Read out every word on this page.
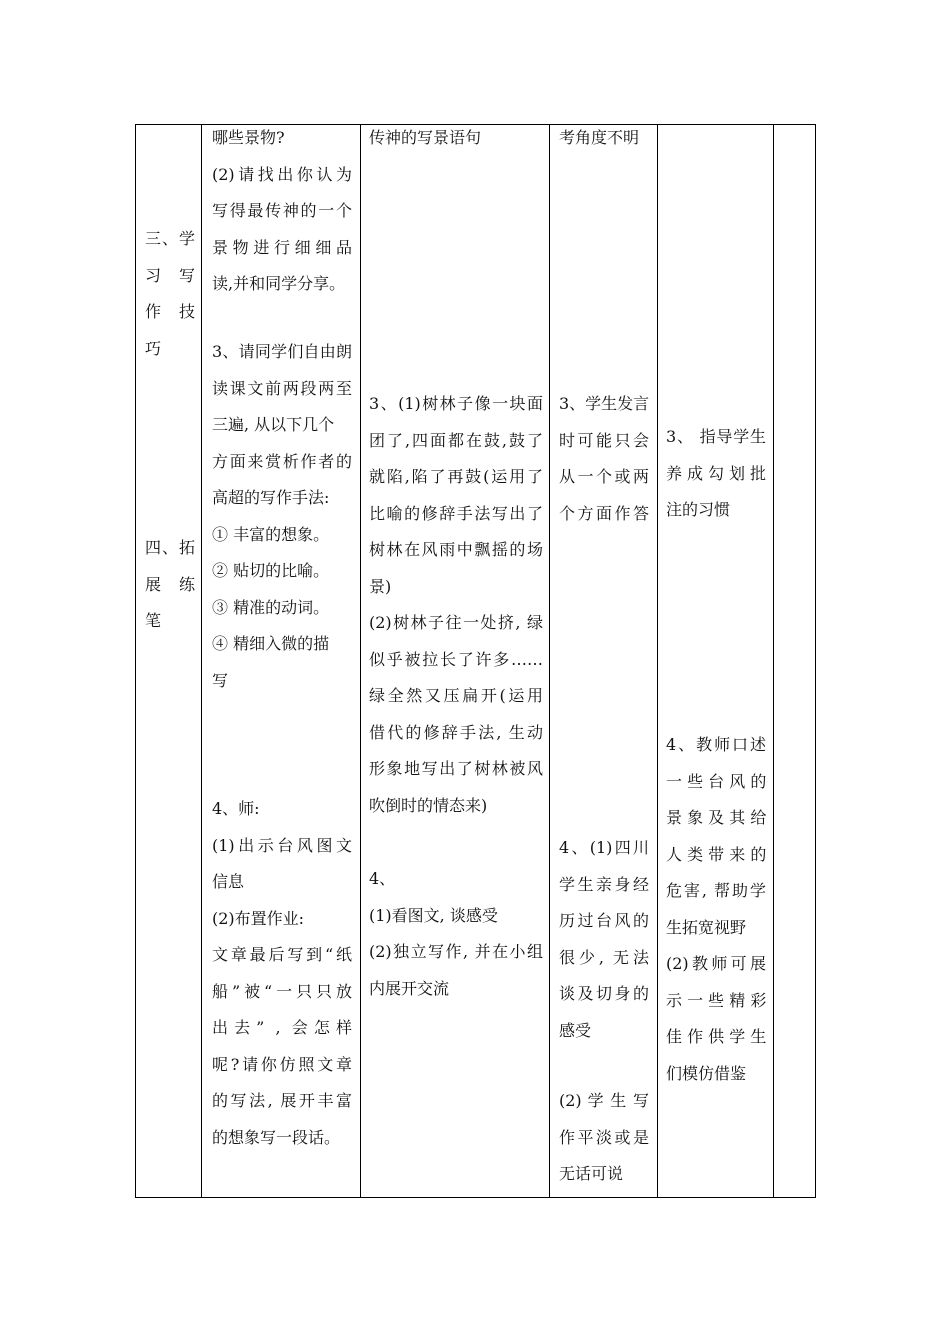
三、学
习 写
作 技
巧
四、拓
展 练
笔
哪些景物?
(2)请找出你认为
写得最传神的一个
景物进行细细品
读,并和同学分享。
3、请同学们自由朗
读课文前两段两至
三遍, 从以下几个
方面来赏析作者的
高超的写作手法:
① 丰富的想象。
② 贴切的比喻。
③ 精准的动词。
④ 精细入微的描
写
4、师:
(1)出示台风图文
信息
(2)布置作业:
文章最后写到“纸
船”被“一只只放
出去” , 会怎样
呢?请你仿照文章
的写法, 展开丰富
的想象写一段话。
传神的写景语句
3、(1)树林子像一块面
团了,四面都在鼓,鼓了
就陷,陷了再鼓(运用了
比喻的修辞手法写出了
树林在风雨中飘摇的场
景)
(2)树林子往一处挤, 绿
似乎被拉长了许多……
绿全然又压扁开(运用
借代的修辞手法, 生动
形象地写出了树林被风
吹倒时的情态来)
4、
(1)看图文, 谈感受
(2)独立写作, 并在小组
内展开交流
考角度不明
3、学生发言
时可能只会
从一个或两
个方面作答
4、(1)四川
学生亲身经
历过台风的
很少, 无法
谈及切身的
感受
(2) 学 生 写
作平淡或是
无话可说
3、 指导学生
养成勾划批
注的习惯
4、教师口述
一 些 台 风 的
景 象 及 其 给
人 类 带 来 的
危害, 帮助学
生拓宽视野
(2)教师可展
示 一 些 精 彩
佳 作 供 学 生
们模仿借鉴
